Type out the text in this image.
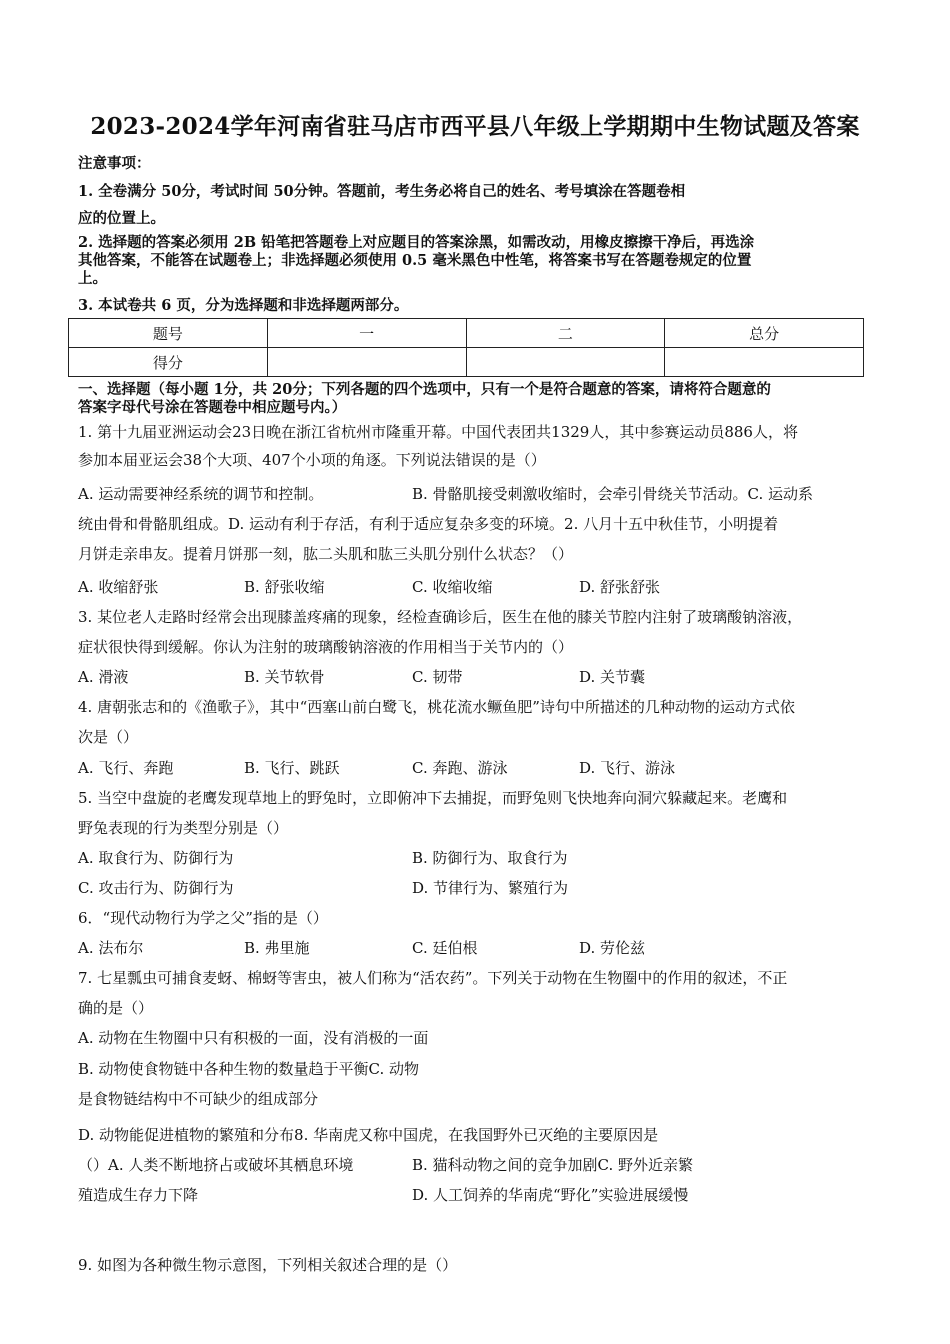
2023-2024学年河南省驻马店市西平县八年级上学期期中生物试题及答案
注意事项：
1. 全卷满分 50分，考试时间 50分钟。答题前，考生务必将自己的姓名、考号填涂在答题卷相
应的位置上。
2. 选择题的答案必须用 2B 铅笔把答题卷上对应题目的答案涂黑，如需改动，用橡皮擦擦干净后，再选涂
其他答案，不能答在试题卷上；非选择题必须使用 0.5 毫米黑色中性笔，将答案书写在答题卷规定的位置
上。
3. 本试卷共 6 页，分为选择题和非选择题两部分。
题号	一	二	总分
得分			
一、选择题（每小题 1分，共 20分；下列各题的四个选项中，只有一个是符合题意的答案，请将符合题意的
答案字母代号涂在答题卷中相应题号内。）
1. 第十九届亚洲运动会23日晚在浙江省杭州市隆重开幕。中国代表团共1329人，其中参赛运动员886人，将
参加本届亚运会38个大项、407个小项的角逐。下列说法错误的是（）
A. 运动需要神经系统的调节和控制。	B. 骨骼肌接受刺激收缩时，会牵引骨绕关节活动。C. 运动系
统由骨和骨骼肌组成。D. 运动有利于存活，有利于适应复杂多变的环境。2. 八月十五中秋佳节，小明提着
月饼走亲串友。提着月饼那一刻，肱二头肌和肱三头肌分别什么状态？（）
A. 收缩舒张	B. 舒张收缩	C. 收缩收缩	D. 舒张舒张
3. 某位老人走路时经常会出现膝盖疼痛的现象，经检查确诊后，医生在他的膝关节腔内注射了玻璃酸钠溶液，
症状很快得到缓解。你认为注射的玻璃酸钠溶液的作用相当于关节内的（）
A. 滑液	B. 关节软骨	C. 韧带	D. 关节囊
4. 唐朝张志和的《渔歌子》，其中“西塞山前白鹭飞，桃花流水鳜鱼肥”诗句中所描述的几种动物的运动方式依
次是（）
A. 飞行、奔跑	B. 飞行、跳跃	C. 奔跑、游泳	D. 飞行、游泳
5. 当空中盘旋的老鹰发现草地上的野兔时，立即俯冲下去捕捉，而野兔则飞快地奔向洞穴躲藏起来。老鹰和
野兔表现的行为类型分别是（）
A. 取食行为、防御行为	B. 防御行为、取食行为
C. 攻击行为、防御行为	D. 节律行为、繁殖行为
6．“现代动物行为学之父”指的是（）
A. 法布尔	B. 弗里施	C. 廷伯根	D. 劳伦兹
7. 七星瓢虫可捕食麦蚜、棉蚜等害虫，被人们称为“活农药”。下列关于动物在生物圈中的作用的叙述，不正
确的是（）
A. 动物在生物圈中只有积极的一面，没有消极的一面
B. 动物使食物链中各种生物的数量趋于平衡C. 动物
是食物链结构中不可缺少的组成部分
D. 动物能促进植物的繁殖和分布8. 华南虎又称中国虎，在我国野外已灭绝的主要原因是
（）A. 人类不断地挤占或破坏其栖息环境	B. 猫科动物之间的竞争加剧C. 野外近亲繁
殖造成生存力下降	D. 人工饲养的华南虎“野化”实验进展缓慢
9. 如图为各种微生物示意图，下列相关叙述合理的是（）
